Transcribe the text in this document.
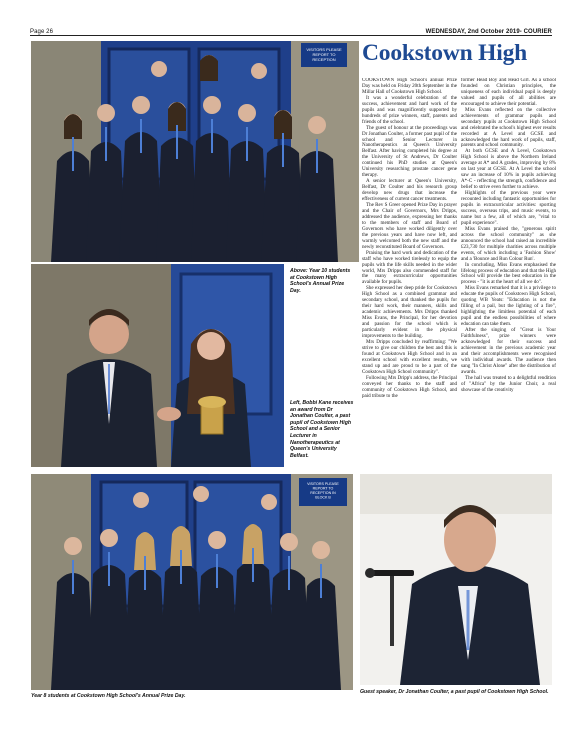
Page 26	WEDNESDAY, 2nd October 2019- COURIER
VISITORS PLEASE REPORT TO RECEPTION
Above: Year 10 students at Cookstown High School's Annual Prize Day.
Left, Bobbi Kane receives an award from Dr Jonathan Coulter, a past pupil of Cookstown High School and a Senior Lecturer in Nanotherapeutics at Queen's University Belfast.
VISITORS PLEASE REPORT TO RECEPTION IN BLOCK B
Year 8 students at Cookstown High School's Annual Prize Day.
Guest speaker, Dr Jonathan Coulter, a past pupil of Cookstown High School.
Cookstown High

COOKSTOWN High School's annual Prize Day was held on Friday 20th September in the Millar Hall of Cookstown High School.

It was a wonderful celebration of the success, achievement and hard work of the pupils and was magnificently supported by hundreds of prize winners, staff, parents and friends of the school.

The guest of honour at the proceedings was Dr Jonathan Coulter, a former past pupil of the school and Senior Lecturer in Nanotherapeutics at Queen's University Belfast. After having completed his degree at the University of St Andrews, Dr Coulter continued his PhD studies at Queen's University researching prostate cancer gene therapy.

A senior lecturer at Queen's University, Belfast, Dr Coulter and his research group develop new drugs that increase the effectiveness of current cancer treatments.

The Rev S Greer opened Prize Day in prayer and the Chair of Governors, Mrs Dripps, addressed the audience, expressing her thanks to the members of staff and Board of Governors who have worked diligently over the previous years and have now left, and warmly welcomed both the new staff and the newly reconstituted Board of Governors.

Praising the hard work and dedication of the staff who have worked tirelessly to equip the pupils with the life skills needed in the wider world, Mrs Dripps also commended staff for the many extracurricular opportunities available for pupils.

She expressed her deep pride for Cookstown High School as a combined grammar and secondary school, and thanked the pupils for their hard work, their manners, skills and academic achievements. Mrs Dripps thanked Miss Evans, the Principal, for her devotion and passion for the school which is particularly evident in the physical improvements to the building.

Mrs Dripps concluded by reaffirming: "We strive to give our children the best and this is found at Cookstown High School and in an excellent school with excellent results, we stand up and are proud to be a part of the Cookstown High School community".

Following Mrs Dripp's address, the Principal conveyed her thanks to the staff and community of Cookstown High School, and paid tribute to the

former Head Boy and Head Girl. As a school founded on Christian principles, the uniqueness of each individual pupil is deeply valued and pupils of all abilities are encouraged to achieve their potential.

Miss Evans reflected on the collective achievements of grammar pupils and secondary pupils at Cookstown High School and celebrated the school's highest ever results recorded at A Level and GCSE and acknowledged the hard work of pupils, staff, parents and school community.

At both GCSE and A Level, Cookstown High School is above the Northern Ireland average at A* and A grades, improving by 8% on last year at GCSE. At A Level the school saw an increase of 10% in pupils achieving A*-C - reflecting the strength, confidence and belief to strive even further to achieve.

Highlights of the previous year were recounted including fantastic opportunities for pupils in extracurricular activities: sporting success, overseas trips, and music events, to name but a few, all of which are, "vital to pupil experience".

Miss Evans praised the, "generous spirit across the school community" as she announced the school had raised an incredible £23,730 for multiple charities across multiple events, of which including a 'Fashion Show' and a 'Bounce and Run Colour Run'.

In concluding, Miss Evans emphasised the lifelong process of education and that the High School will provide the best education in the process - "it is at the heart of all we do".

Miss Evans remarked that it is a privilege to educate the pupils of Cookstown High School, quoting WB Yeats: "Education is not the filling of a pail, but the lighting of a fire", highlighting the limitless potential of each pupil and the endless possibilities of where education can take them.

After the singing of "Great is Your Faithfulness", prize winners were acknowledged for their success and achievement in the previous academic year and their accomplishments were recognised with individual awards. The audience then sang "In Christ Alone" after the distribution of awards.

The hall was treated to a delightful rendition of "Africa" by the Junior Choir, a real showcase of the creativity
